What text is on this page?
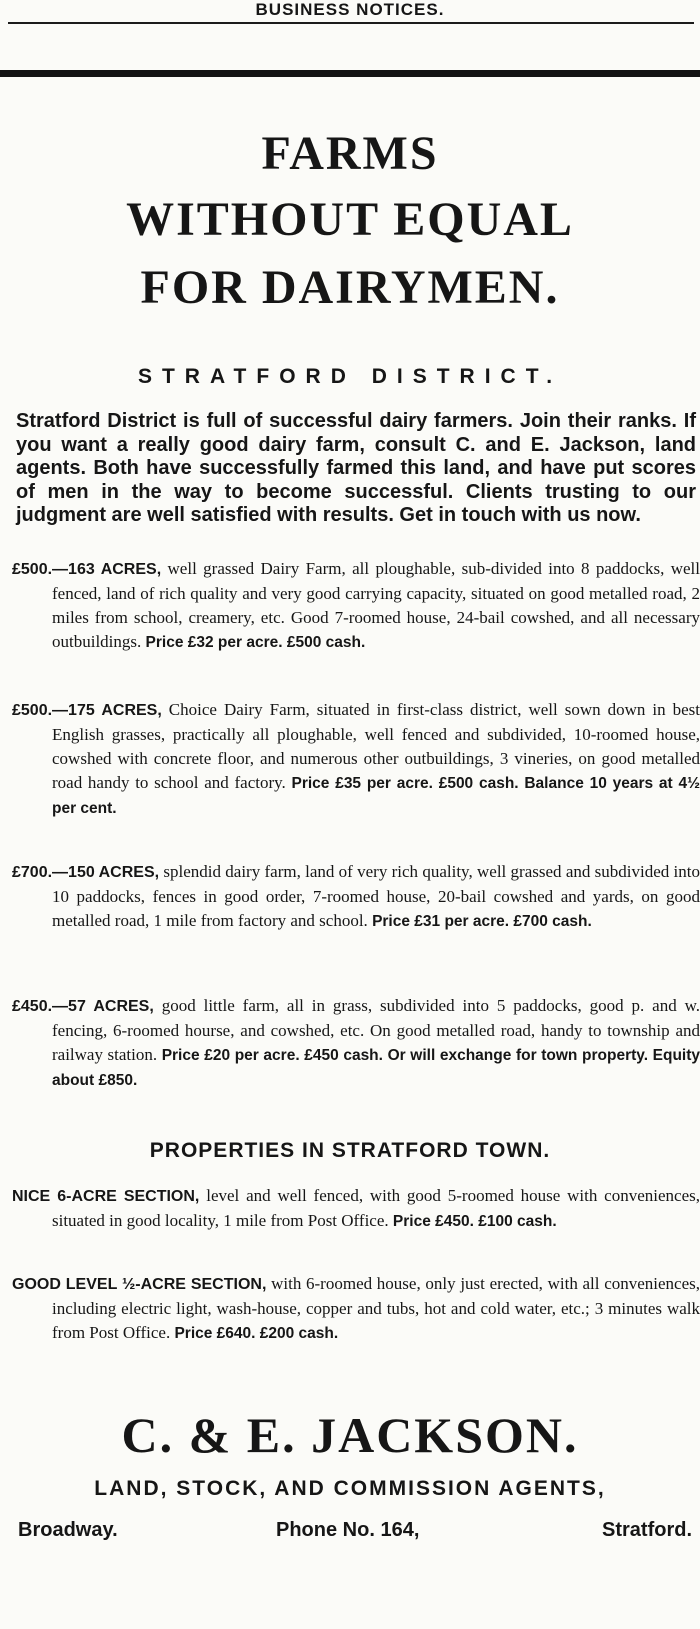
BUSINESS NOTICES.
FARMS
WITHOUT EQUAL
FOR DAIRYMEN.
STRATFORD DISTRICT.
Stratford District is full of successful dairy farmers. Join their ranks. If you want a really good dairy farm, consult C. and E. Jackson, land agents. Both have successfully farmed this land, and have put scores of men in the way to become successful. Clients trusting to our judgment are well satisfied with results. Get in touch with us now.
£500.—163 ACRES, well grassed Dairy Farm, all ploughable, sub-divided into 8 paddocks, well fenced, land of rich quality and very good carrying capacity, situated on good metalled road, 2 miles from school, creamery, etc. Good 7-roomed house, 24-bail cowshed, and all necessary outbuildings. Price £32 per acre. £500 cash.
£500.—175 ACRES, Choice Dairy Farm, situated in first-class district, well sown down in best English grasses, practically all ploughable, well fenced and subdivided, 10-roomed house, cowshed with concrete floor, and numerous other outbuildings, 3 vineries, on good metalled road handy to school and factory. Price £35 per acre. £500 cash. Balance 10 years at 4½ per cent.
£700.—150 ACRES, splendid dairy farm, land of very rich quality, well grassed and subdivided into 10 paddocks, fences in good order, 7-roomed house, 20-bail cowshed and yards, on good metalled road, 1 mile from factory and school. Price £31 per acre. £700 cash.
£450.—57 ACRES, good little farm, all in grass, subdivided into 5 paddocks, good p. and w. fencing, 6-roomed hourse, and cowshed, etc. On good metalled road, handy to township and railway station. Price £20 per acre. £450 cash. Or will exchange for town property. Equity about £850.
PROPERTIES IN STRATFORD TOWN.
NICE 6-ACRE SECTION, level and well fenced, with good 5-roomed house with conveniences, situated in good locality, 1 mile from Post Office. Price £450. £100 cash.
GOOD LEVEL ½-ACRE SECTION, with 6-roomed house, only just erected, with all conveniences, including electric light, wash-house, copper and tubs, hot and cold water, etc.; 3 minutes walk from Post Office. Price £640. £200 cash.
C. & E. JACKSON.
LAND, STOCK, AND COMMISSION AGENTS,
Broadway.	Phone No. 164,	Stratford.
